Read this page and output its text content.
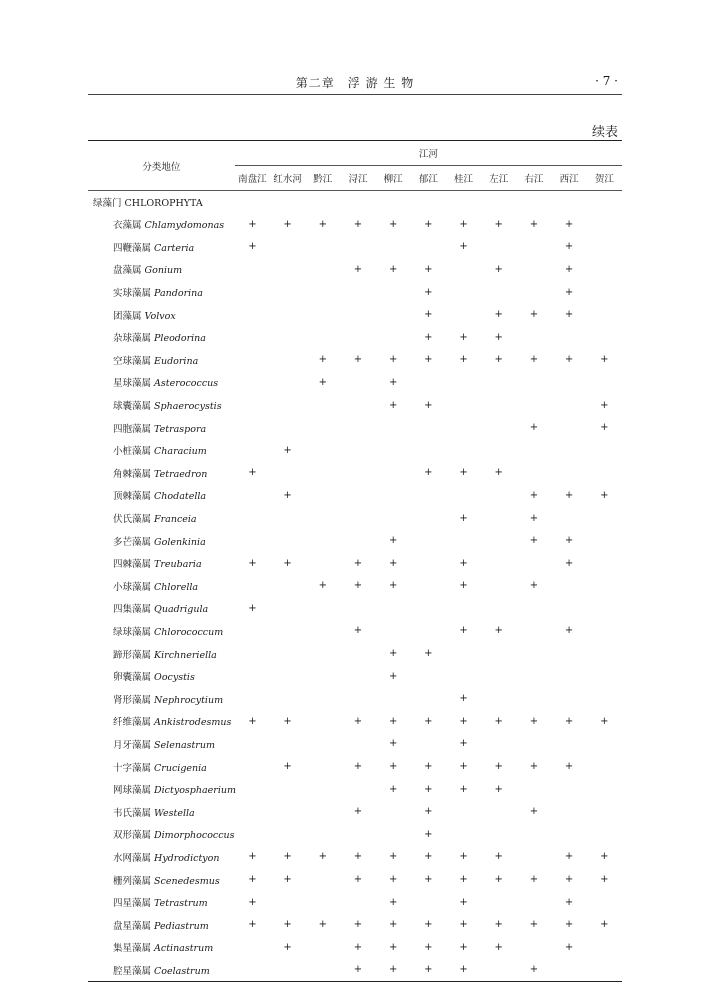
第二章　浮 游 生 物	· 7 ·
续表
分类地位	江河										
	南盘江	红水河	黔江	浔江	柳江	郁江	桂江	左江	右江	西江	贺江
绿藻门 CHLOROPHYTA											
衣藻属 Chlamydomonas	+	+	+	+	+	+	+	+	+	+	
四鞭藻属 Carteria	+						+			+	
盘藻属 Gonium				+	+	+		+		+	
实球藻属 Pandorina						+				+	
团藻属 Volvox						+		+	+	+	
杂球藻属 Pleodorina						+	+	+			
空球藻属 Eudorina			+	+	+	+	+	+	+	+	+
星球藻属 Asterococcus			+		+						
球囊藻属 Sphaerocystis					+	+					+
四胞藻属 Tetraspora									+		+
小桩藻属 Characium		+									
角棘藻属 Tetraedron	+					+	+	+			
顶棘藻属 Chodatella		+							+	+	+
伏氏藻属 Franceia							+		+		
多芒藻属 Golenkinia					+				+	+	
四棘藻属 Treubaria	+	+		+	+		+			+	
小球藻属 Chlorella			+	+	+		+		+		
四集藻属 Quadrigula	+										
绿球藻属 Chlorococcum				+			+	+		+	
蹄形藻属 Kirchneriella					+	+					
卵囊藻属 Oocystis					+						
肾形藻属 Nephrocytium							+				
纤维藻属 Ankistrodesmus	+	+		+	+	+	+	+	+	+	+
月牙藻属 Selenastrum					+		+				
十字藻属 Crucigenia		+		+	+	+	+	+	+	+	
网球藻属 Dictyosphaerium					+	+	+	+			
韦氏藻属 Westella				+		+			+		
双形藻属 Dimorphococcus						+					
水网藻属 Hydrodictyon	+	+	+	+	+	+	+	+		+	+
栅列藻属 Scenedesmus	+	+		+	+	+	+	+	+	+	+
四星藻属 Tetrastrum	+				+		+			+	
盘星藻属 Pediastrum	+	+	+	+	+	+	+	+	+	+	+
集星藻属 Actinastrum		+		+	+	+	+	+		+	
腔星藻属 Coelastrum				+	+	+	+		+		
